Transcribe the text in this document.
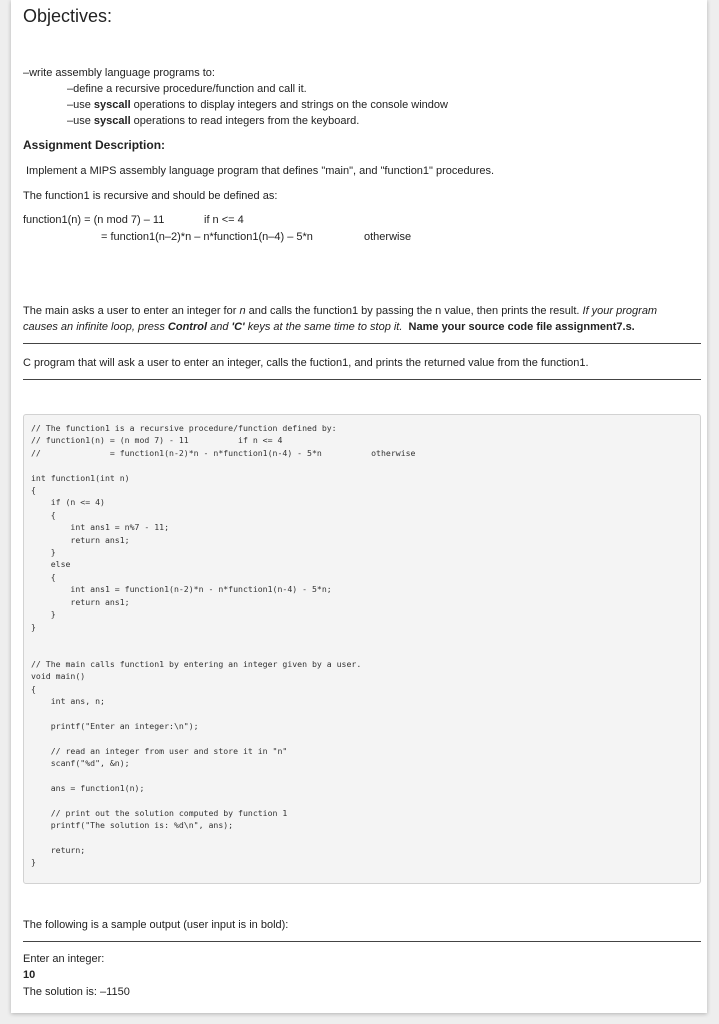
Objectives:
–write assembly language programs to:
–define a recursive procedure/function and call it.
–use syscall operations to display integers and strings on the console window
–use syscall operations to read integers from the keyboard.
Assignment Description:
Implement a MIPS assembly language program that defines "main", and "function1" procedures.
The function1 is recursive and should be defined as:
function1(n) = (n mod 7) – 11	if n <= 4
= function1(n–2)*n – n*function1(n–4) – 5*n	otherwise
The main asks a user to enter an integer for n and calls the function1 by passing the n value, then prints the result. If your program
causes an infinite loop, press Control and 'C' keys at the same time to stop it. Name your source code file assignment7.s.
C program that will ask a user to enter an integer, calls the fuction1, and prints the returned value from the function1.
// The function1 is a recursive procedure/function defined by:
// function1(n) = (n mod 7) - 11          if n <= 4
//              = function1(n-2)*n - n*function1(n-4) - 5*n          otherwise

int function1(int n)
{
if (n <= 4)
{
int ans1 = n%7 - 11;
return ans1;
}
else
{
int ans1 = function1(n-2)*n - n*function1(n-4) - 5*n;
return ans1;
}
}

// The main calls function1 by entering an integer given by a user.
void main()
{
int ans, n;

printf("Enter an integer:\n");

// read an integer from user and store it in "n"
scanf("%d", &n);

ans = function1(n);

// print out the solution computed by function 1
printf("The solution is: %d\n", ans);

return;
}
The following is a sample output (user input is in bold):
Enter an integer:
10
The solution is: –1150
